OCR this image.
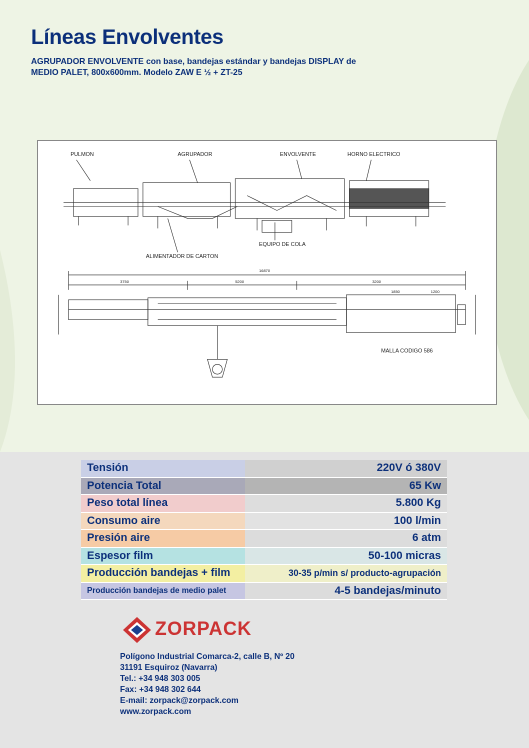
Líneas Envolventes
AGRUPADOR ENVOLVENTE con base, bandejas estándar y bandejas DISPLAY de MEDIO PALET, 800x600mm. Modelo ZAW E ½ + ZT-25
PULMON	AGRUPADOR	ENVOLVENTE	HORNO ELECTRICO
EQUIPO DE COLA
ALIMENTADOR DE CARTON
MALLA CODIGO 586
16870
3750	5200	3200
1850	1200
Tensión	220V ó 380V
Potencia Total	65 Kw
Peso total línea	5.800 Kg
Consumo aire	100 l/min
Presión aire	6 atm
Espesor film	50-100 micras
Producción bandejas + film	30-35 p/min s/ producto-agrupación
Producción bandejas de medio palet	4-5 bandejas/minuto
ZORPACK
Polígono Industrial Comarca-2, calle B, Nº 20
31191 Esquiroz (Navarra)
Tel.: +34 948 303 005
Fax: +34 948 302 644
E-mail: zorpack@zorpack.com
www.zorpack.com
